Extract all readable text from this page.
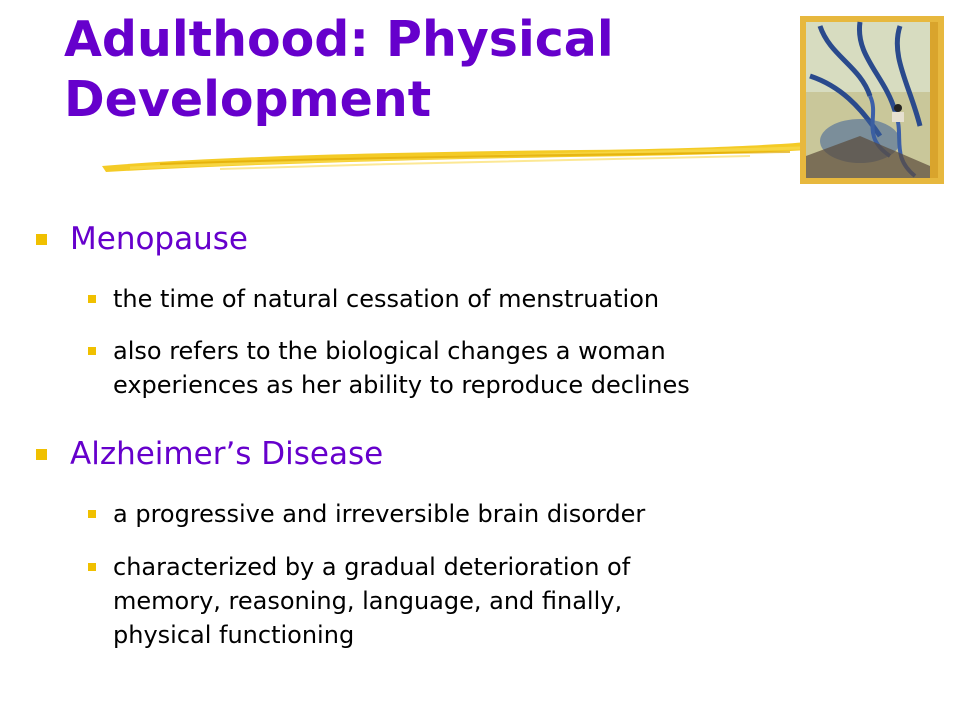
Adulthood: Physical
Development

Menopause

the time of natural cessation of menstruation

also refers to the biological changes a woman
experiences as her ability to reproduce declines

Alzheimer’s Disease

a progressive and irreversible brain disorder

characterized by a gradual deterioration of
memory, reasoning, language, and finally,
physical functioning
